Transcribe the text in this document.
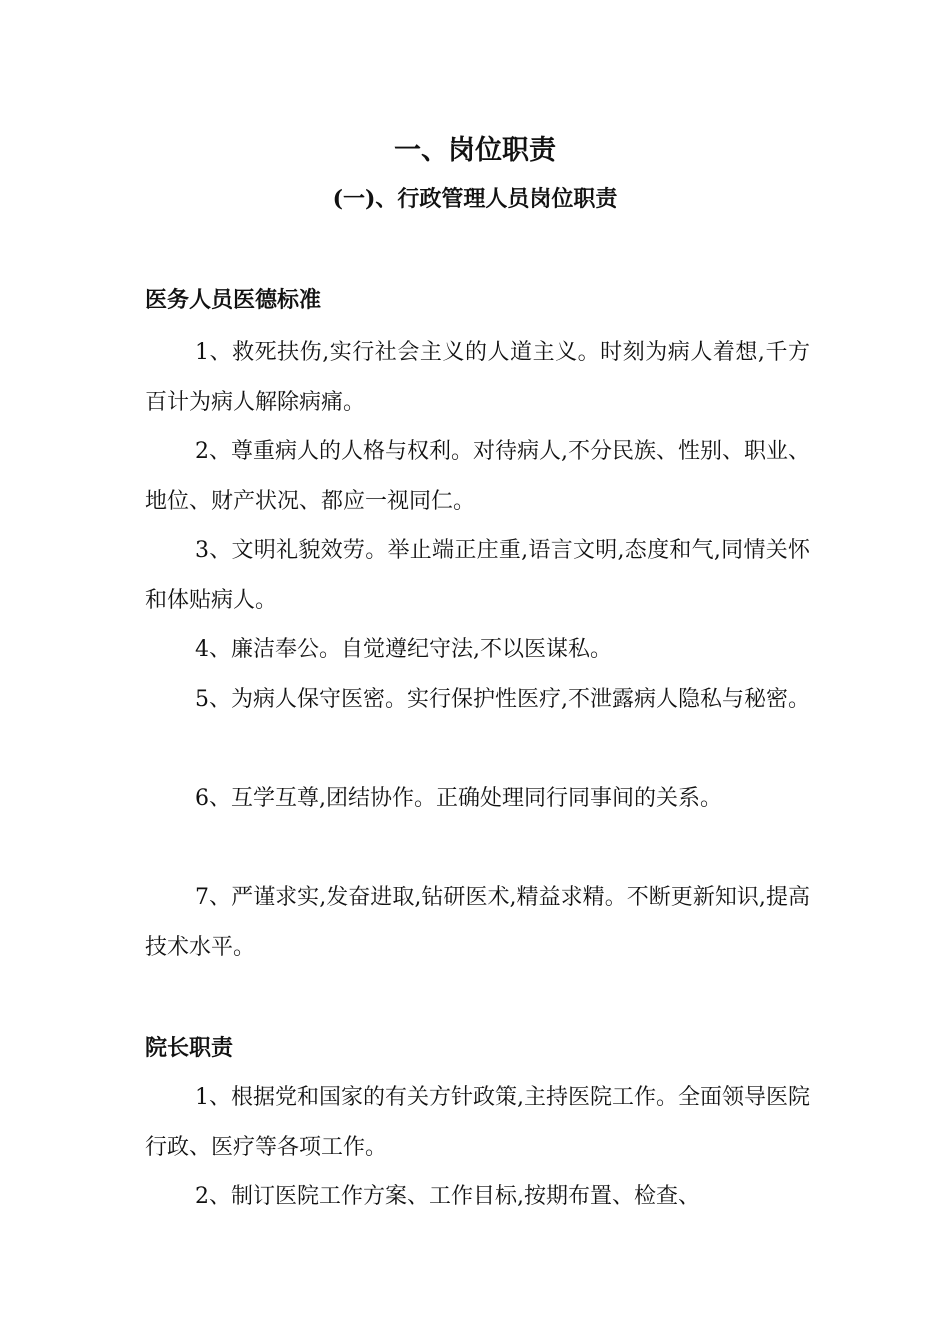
一、岗位职责
(一)、行政管理人员岗位职责
医务人员医德标准
1、救死扶伤,实行社会主义的人道主义。时刻为病人着想,千方百计为病人解除病痛。
2、尊重病人的人格与权利。对待病人,不分民族、性别、职业、地位、财产状况、都应一视同仁。
3、文明礼貌效劳。举止端正庄重,语言文明,态度和气,同情关怀和体贴病人。
4、廉洁奉公。自觉遵纪守法,不以医谋私。
5、为病人保守医密。实行保护性医疗,不泄露病人隐私与秘密。
6、互学互尊,团结协作。正确处理同行同事间的关系。
7、严谨求实,发奋进取,钻研医术,精益求精。不断更新知识,提高技术水平。
院长职责
1、根据党和国家的有关方针政策,主持医院工作。全面领导医院行政、医疗等各项工作。
2、制订医院工作方案、工作目标,按期布置、检查、
